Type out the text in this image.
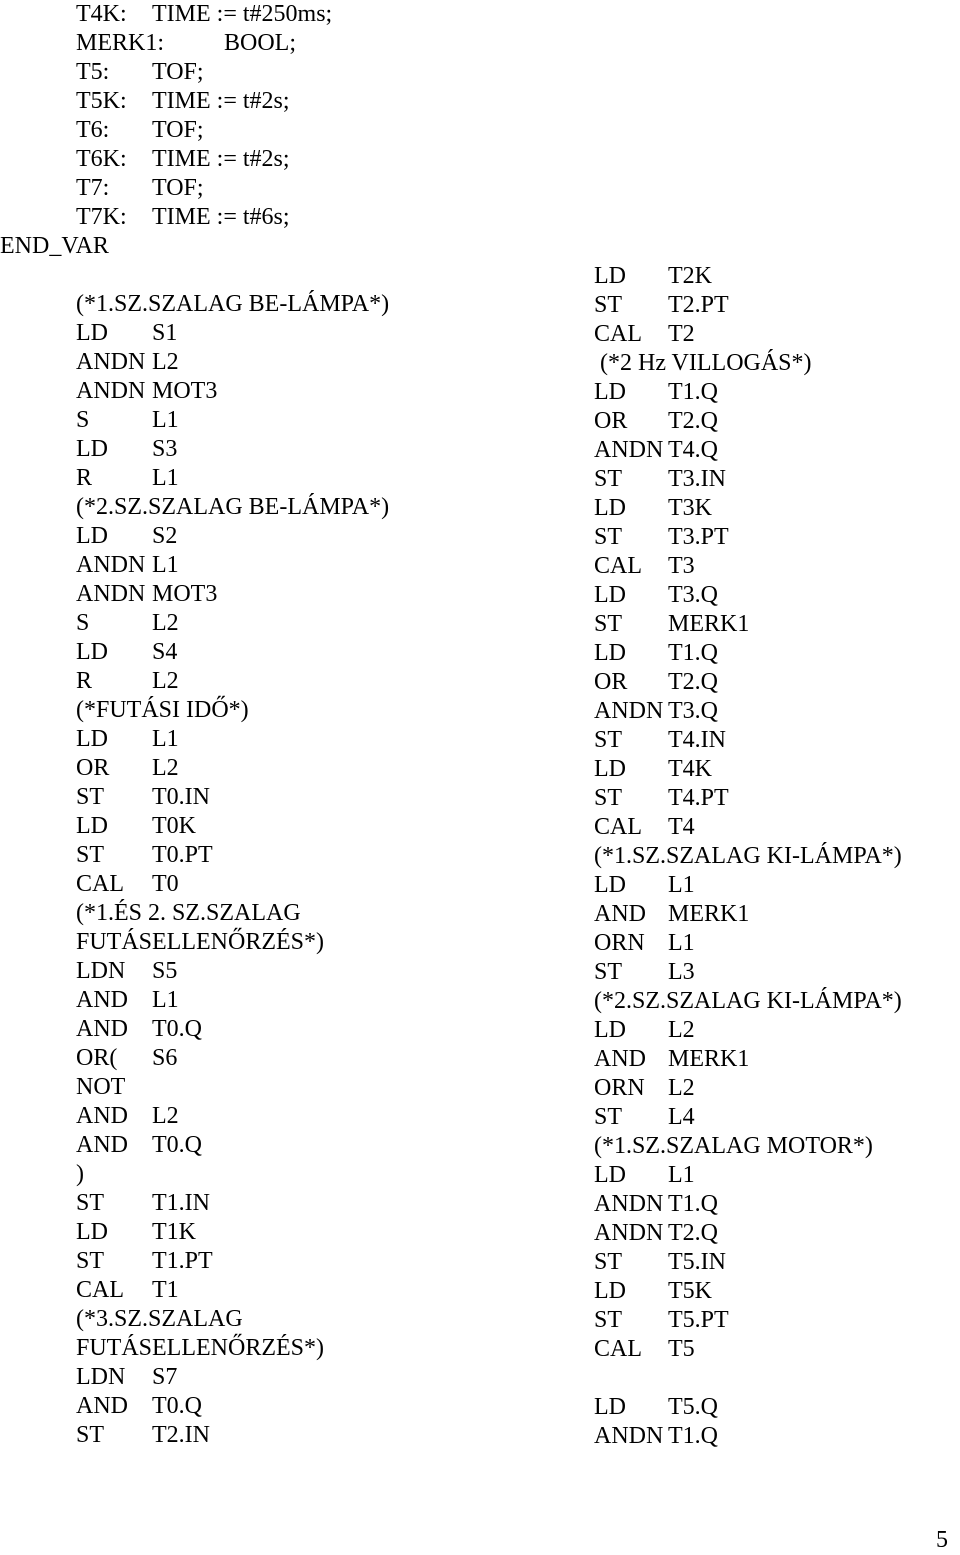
T4K: TIME := t#250ms;
MERK1: BOOL;
T5: TOF;
T5K: TIME := t#2s;
T6: TOF;
T6K: TIME := t#2s;
T7: TOF;
T7K: TIME := t#6s;
END_VAR
(*1.SZ.SZALAG BE-LÁMPA*)
LD S1
ANDN L2
ANDN MOT3
S	L1
LD S3
R L1
(*2.SZ.SZALAG BE-LÁMPA*)
LD S2
ANDN L1
ANDN MOT3
S	L2
LD S4
R L2
(*FUTÁSI IDŐ*)
LD L1
OR L2
ST T0.IN
LD T0K
ST T0.PT
CAL T0
(*1.ÉS 2. SZ.SZALAG
FUTÁSELLENŐRZÉS*)
LDN S5
AND L1
AND T0.Q
OR( S6
NOT
AND L2
AND T0.Q
)
ST T1.IN
LD T1K
ST T1.PT
CAL T1
(*3.SZ.SZALAG
FUTÁSELLENŐRZÉS*)
LDN S7
AND T0.Q
ST T2.IN
LD T2K
ST T2.PT
CAL T2
(*2 Hz VILLOGÁS*)
LD T1.Q
OR T2.Q
ANDN T4.Q
ST T3.IN
LD T3K
ST T3.PT
CAL T3
LD T3.Q
ST MERK1
LD T1.Q
OR T2.Q
ANDN T3.Q
ST T4.IN
LD T4K
ST T4.PT
CAL T4
(*1.SZ.SZALAG KI-LÁMPA*)
LD L1
AND MERK1
ORN L1
ST L3
(*2.SZ.SZALAG KI-LÁMPA*)
LD L2
AND MERK1
ORN L2
ST L4
(*1.SZ.SZALAG MOTOR*)
LD L1
ANDN T1.Q
ANDN T2.Q
ST T5.IN
LD T5K
ST T5.PT
CAL T5
LD T5.Q
ANDN T1.Q
5
